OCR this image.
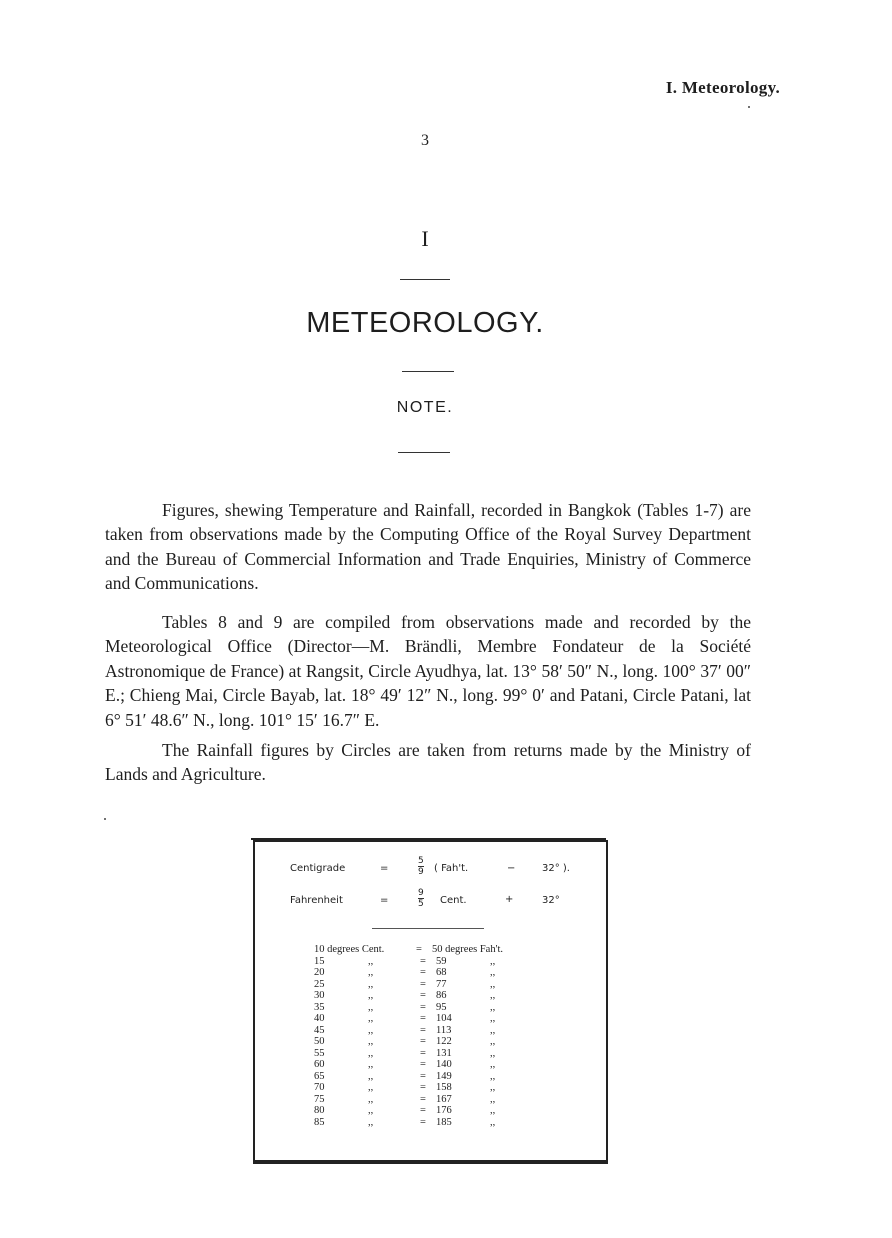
I. Meteorology.
3
I
METEOROLOGY.
NOTE.
Figures, shewing Temperature and Rainfall, recorded in Bangkok (Tables 1-7) are taken from observations made by the Computing Office of the Royal Survey Department and the Bureau of Commercial Information and Trade Enquiries, Ministry of Commerce and Communications.
Tables 8 and 9 are compiled from observations made and recorded by the Meteorological Office (Director—M. Brändli, Membre Fondateur de la Société Astronomique de France) at Rangsit, Circle Ayudhya, lat. 13° 58′ 50″ N., long. 100° 37′ 00″ E.; Chieng Mai, Circle Bayab, lat. 18° 49′ 12″ N., long. 99° 0′ and Patani, Circle Patani, lat 6° 51′ 48.6″ N., long. 101° 15′ 16.7″ E.
The Rainfall figures by Circles are taken from returns made by the Ministry of Lands and Agriculture.
Centigrade	=	$\frac{5}{9}$ ( Fah't.	−	32° ).
Fahrenheit	=	$\frac{9}{5}$ Cent.	+	32°
10 degrees Cent.	= 50 degrees Fah't.
15	,,	= 59	,,
20	,,	= 68	,,
25	,,	= 77	,,
30	,,	= 86	,,
35	,,	= 95	,,
40	,,	= 104	,,
45	,,	= 113	,,
50	,,	= 122	,,
55	,,	= 131	,,
60	,,	= 140	,,
65	,,	= 149	,,
70	,,	= 158	,,
75	,,	= 167	,,
80	,,	= 176	,,
85	,,	= 185	,,
